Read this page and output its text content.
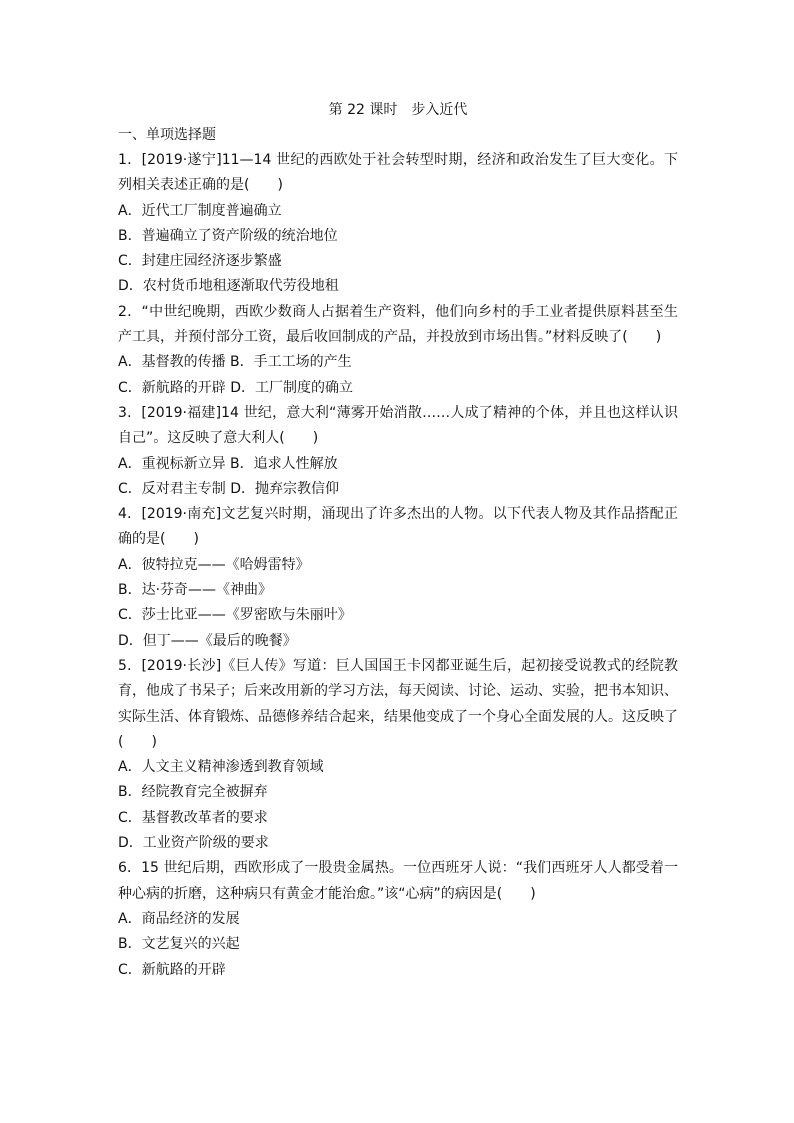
第 22 课时　步入近代
一、单项选择题
1．[2019·遂宁]11—14 世纪的西欧处于社会转型时期，经济和政治发生了巨大变化。下列相关表述正确的是(　　)
A．近代工厂制度普遍确立
B．普遍确立了资产阶级的统治地位
C．封建庄园经济逐步繁盛
D．农村货币地租逐渐取代劳役地租
2．“中世纪晚期，西欧少数商人占据着生产资料，他们向乡村的手工业者提供原料甚至生产工具，并预付部分工资，最后收回制成的产品，并投放到市场出售。”材料反映了(　　)
A．基督教的传播 B．手工工场的产生
C．新航路的开辟 D．工厂制度的确立
3．[2019·福建]14 世纪，意大利“薄雾开始消散……人成了精神的个体，并且也这样认识自己”。这反映了意大利人(　　)
A．重视标新立异 B．追求人性解放
C．反对君主专制 D．抛弃宗教信仰
4．[2019·南充]文艺复兴时期，涌现出了许多杰出的人物。以下代表人物及其作品搭配正确的是(　　)
A．彼特拉克——《哈姆雷特》
B．达·芬奇——《神曲》
C．莎士比亚——《罗密欧与朱丽叶》
D．但丁——《最后的晚餐》
5．[2019·长沙]《巨人传》写道：巨人国国王卡冈都亚诞生后，起初接受说教式的经院教育，他成了书呆子；后来改用新的学习方法，每天阅读、讨论、运动、实验，把书本知识、实际生活、体育锻炼、品德修养结合起来，结果他变成了一个身心全面发展的人。这反映了(　　)
A．人文主义精神渗透到教育领域
B．经院教育完全被摒弃
C．基督教改革者的要求
D．工业资产阶级的要求
6．15 世纪后期，西欧形成了一股贵金属热。一位西班牙人说：“我们西班牙人人都受着一种心病的折磨，这种病只有黄金才能治愈。”该“心病”的病因是(　　)
A．商品经济的发展
B．文艺复兴的兴起
C．新航路的开辟
